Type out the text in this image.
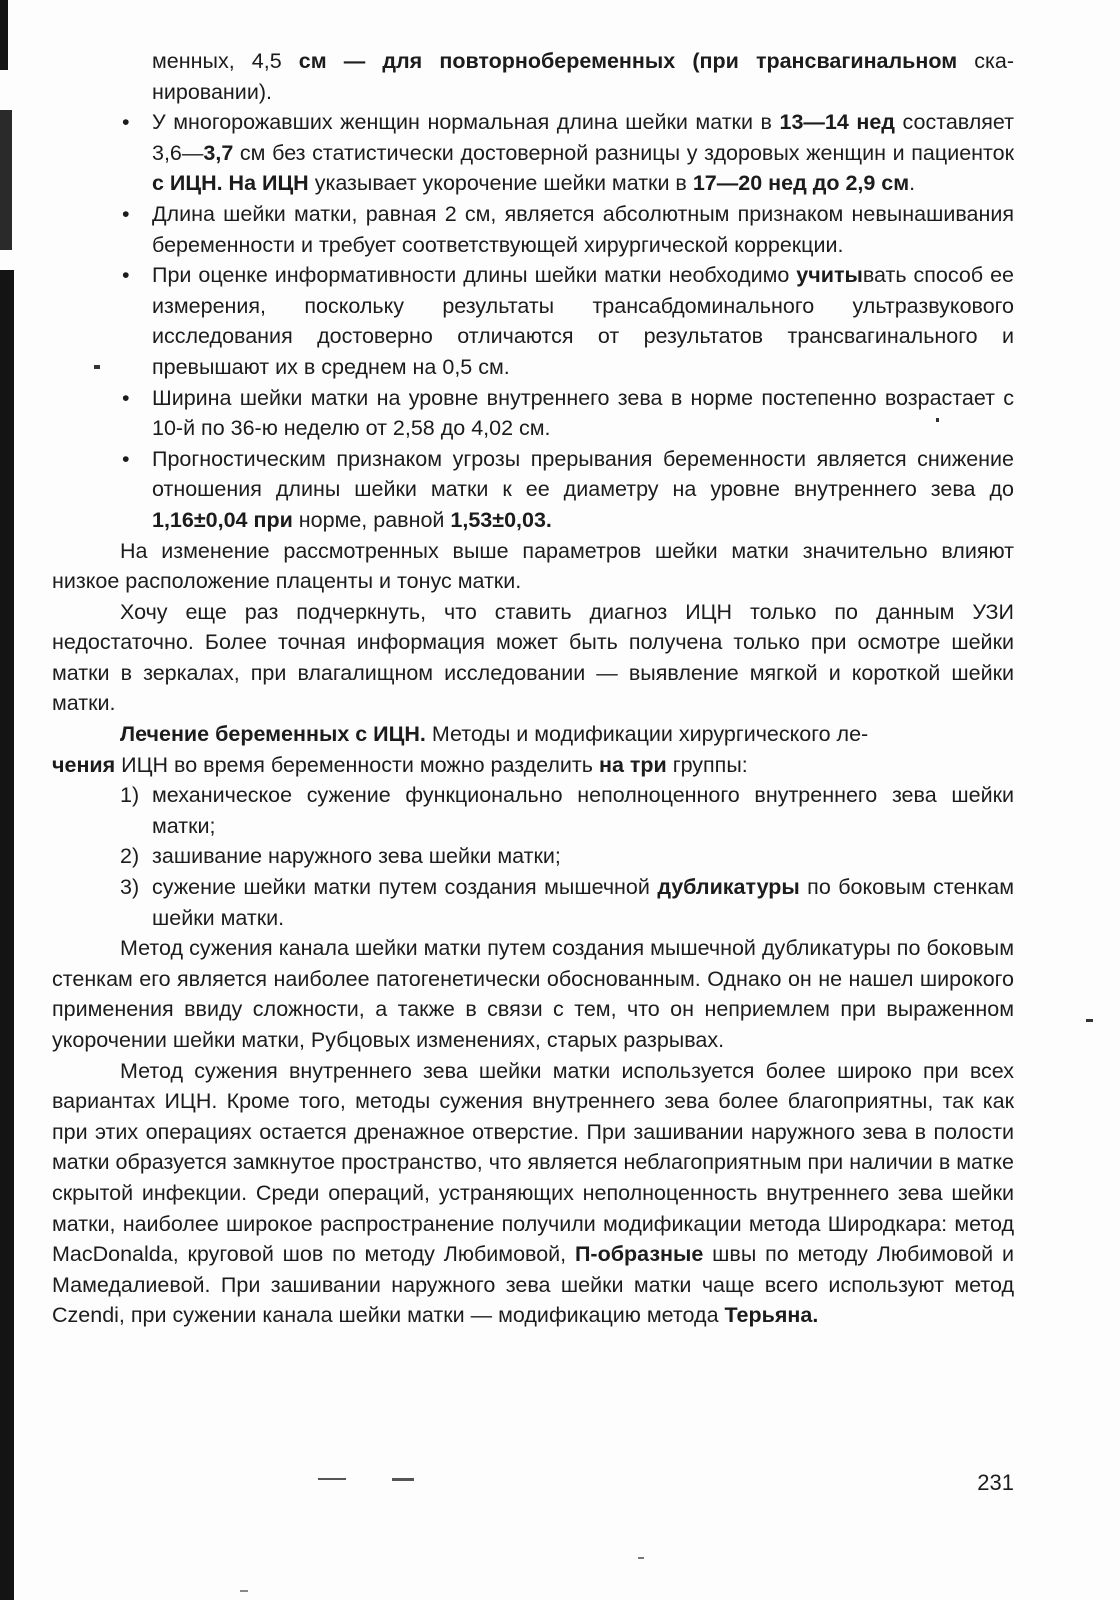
менных, 4,5 см — для повторнобеременных (при трансвагинальном сканировании).
• У многорожавших женщин нормальная длина шейки матки в 13—14 нед составляет 3,6—3,7 см без статистически достоверной разницы у здоровых женщин и пациенток с ИЦН. На ИЦН указывает укорочение шейки матки в 17—20 нед до 2,9 см.
• Длина шейки матки, равная 2 см, является абсолютным признаком невынашивания беременности и требует соответствующей хирургической коррекции.
• При оценке информативности длины шейки матки необходимо учитывать способ ее измерения, поскольку результаты трансабдоминального ультразвукового исследования достоверно отличаются от результатов трансвагинального и превышают их в среднем на 0,5 см.
• Ширина шейки матки на уровне внутреннего зева в норме постепенно возрастает с 10-й по 36-ю неделю от 2,58 до 4,02 см.
• Прогностическим признаком угрозы прерывания беременности является снижение отношения длины шейки матки к ее диаметру на уровне внутреннего зева до 1,16±0,04 при норме, равной 1,53±0,03.

На изменение рассмотренных выше параметров шейки матки значительно влияют низкое расположение плаценты и тонус матки.

Хочу еще раз подчеркнуть, что ставить диагноз ИЦН только по данным УЗИ недостаточно. Более точная информация может быть получена только при осмотре шейки матки в зеркалах, при влагалищном исследовании — выявление мягкой и короткой шейки матки.

Лечение беременных с ИЦН. Методы и модификации хирургического ле-
чения ИЦН во время беременности можно разделить на три группы:

1) механическое сужение функционально неполноценного внутреннего зева шейки матки;
2) зашивание наружного зева шейки матки;
3) сужение шейки матки путем создания мышечной дубликатуры по боковым стенкам шейки матки.

Метод сужения канала шейки матки путем создания мышечной дубликатуры по боковым стенкам его является наиболее патогенетически обоснованным. Однако он не нашел широкого применения ввиду сложности, а также в связи с тем, что он неприемлем при выраженном укорочении шейки матки, Рубцовых изменениях, старых разрывах.

Метод сужения внутреннего зева шейки матки используется более широко при всех вариантах ИЦН. Кроме того, методы сужения внутреннего зева более благоприятны, так как при этих операциях остается дренажное отверстие. При зашивании наружного зева в полости матки образуется замкнутое пространство, что является неблагоприятным при наличии в матке скрытой инфекции. Среди операций, устраняющих неполноценность внутреннего зева шейки матки, наиболее широкое распространение получили модификации метода Широдкара: метод MacDonalda, круговой шов по методу Любимовой, П-образные швы по методу Любимовой и Мамедалиевой. При зашивании наружного зева шейки матки чаще всего используют метод Czendi, при сужении канала шейки матки — модификацию метода Терьяна.

231
